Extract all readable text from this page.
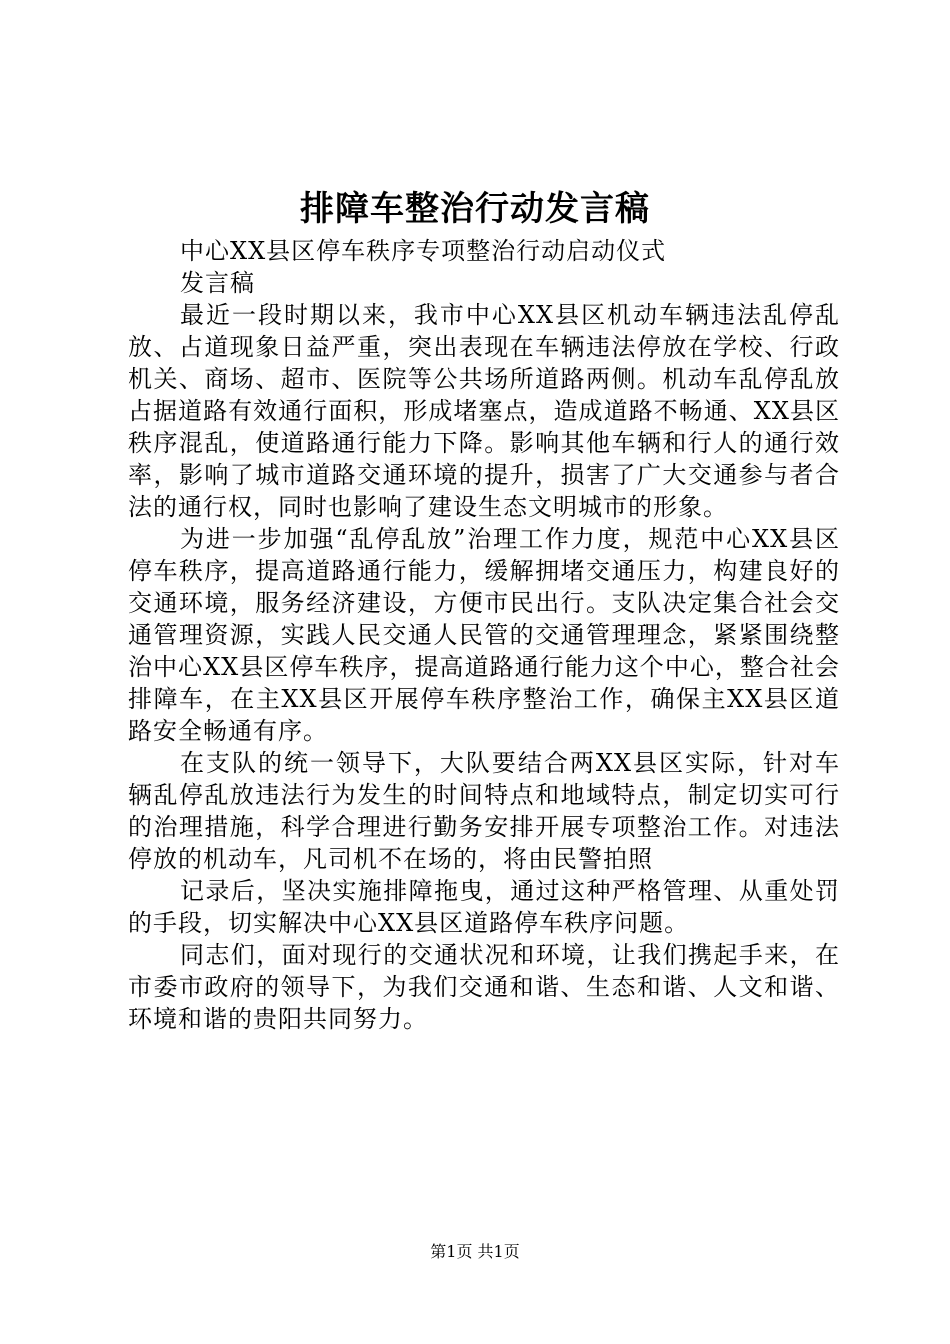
排障车整治行动发言稿

中心XX县区停车秩序专项整治行动启动仪式

发言稿

最近一段时期以来，我市中心XX县区机动车辆违法乱停乱放、占道现象日益严重，突出表现在车辆违法停放在学校、行政机关、商场、超市、医院等公共场所道路两侧。机动车乱停乱放占据道路有效通行面积，形成堵塞点，造成道路不畅通、XX县区秩序混乱，使道路通行能力下降。影响其他车辆和行人的通行效率，影响了城市道路交通环境的提升，损害了广大交通参与者合法的通行权，同时也影响了建设生态文明城市的形象。

为进一步加强“乱停乱放”治理工作力度，规范中心XX县区停车秩序，提高道路通行能力，缓解拥堵交通压力，构建良好的交通环境，服务经济建设，方便市民出行。支队决定集合社会交通管理资源，实践人民交通人民管的交通管理理念，紧紧围绕整治中心XX县区停车秩序，提高道路通行能力这个中心，整合社会排障车，在主XX县区开展停车秩序整治工作，确保主XX县区道路安全畅通有序。

在支队的统一领导下，大队要结合两XX县区实际，针对车辆乱停乱放违法行为发生的时间特点和地域特点，制定切实可行的治理措施，科学合理进行勤务安排开展专项整治工作。对违法停放的机动车，凡司机不在场的，将由民警拍照

记录后，坚决实施排障拖曳，通过这种严格管理、从重处罚的手段，切实解决中心XX县区道路停车秩序问题。

同志们，面对现行的交通状况和环境，让我们携起手来，在市委市政府的领导下，为我们交通和谐、生态和谐、人文和谐、环境和谐的贵阳共同努力。

第1页 共1页
